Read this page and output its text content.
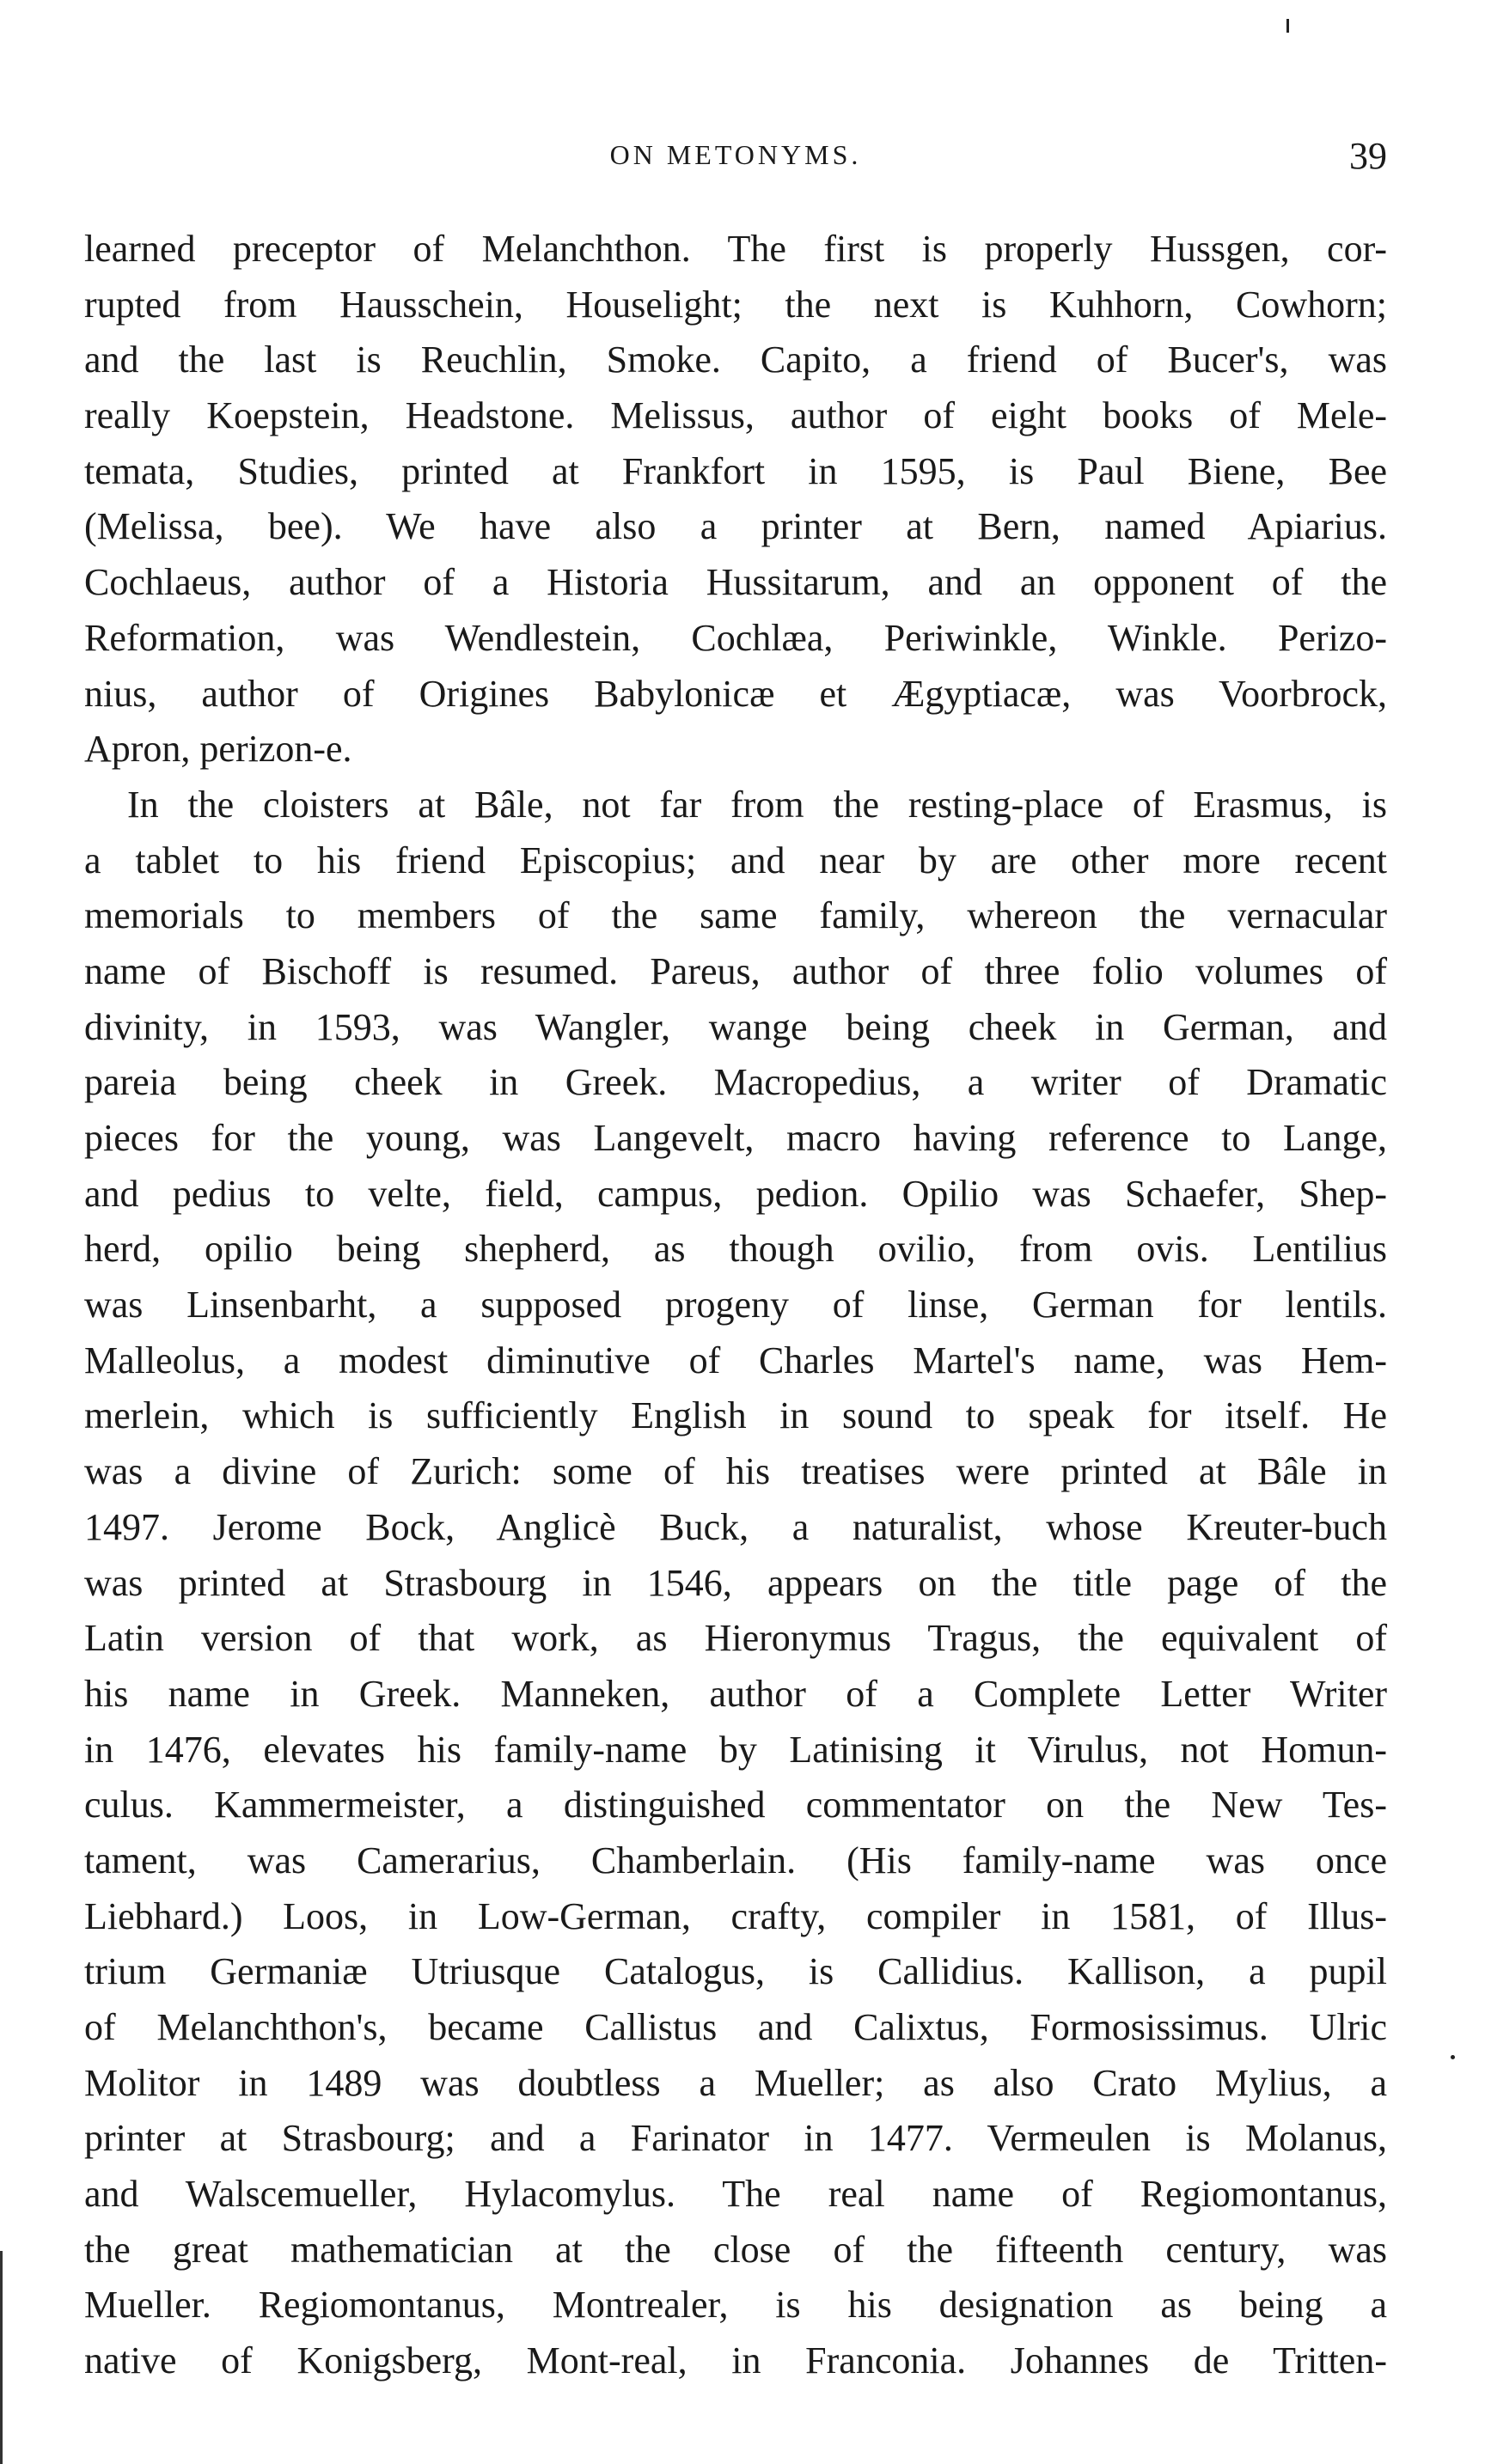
ON METONYMS.	39
learned preceptor of Melanchthon. The first is properly Hussgen, cor-
rupted from Hausschein, Houselight; the next is Kuhhorn, Cowhorn;
and the last is Reuchlin, Smoke. Capito, a friend of Bucer's, was
really Koepstein, Headstone. Melissus, author of eight books of Mele-
temata, Studies, printed at Frankfort in 1595, is Paul Biene, Bee
(Melissa, bee). We have also a printer at Bern, named Apiarius.
Cochlaeus, author of a Historia Hussitarum, and an opponent of the
Reformation, was Wendlestein, Cochlæa, Periwinkle, Winkle. Perizo-
nius, author of Origines Babylonicæ et Ægyptiacæ, was Voorbrock,
Apron, perizon-e.
In the cloisters at Bâle, not far from the resting-place of Erasmus, is
a tablet to his friend Episcopius; and near by are other more recent
memorials to members of the same family, whereon the vernacular
name of Bischoff is resumed. Pareus, author of three folio volumes of
divinity, in 1593, was Wangler, wange being cheek in German, and
pareia being cheek in Greek. Macropedius, a writer of Dramatic
pieces for the young, was Langevelt, macro having reference to Lange,
and pedius to velte, field, campus, pedion. Opilio was Schaefer, Shep-
herd, opilio being shepherd, as though ovilio, from ovis. Lentilius
was Linsenbarht, a supposed progeny of linse, German for lentils.
Malleolus, a modest diminutive of Charles Martel's name, was Hem-
merlein, which is sufficiently English in sound to speak for itself. He
was a divine of Zurich: some of his treatises were printed at Bâle in
1497. Jerome Bock, Anglicè Buck, a naturalist, whose Kreuter-buch
was printed at Strasbourg in 1546, appears on the title page of the
Latin version of that work, as Hieronymus Tragus, the equivalent of
his name in Greek. Manneken, author of a Complete Letter Writer
in 1476, elevates his family-name by Latinising it Virulus, not Homun-
culus. Kammermeister, a distinguished commentator on the New Tes-
tament, was Camerarius, Chamberlain. (His family-name was once
Liebhard.) Loos, in Low-German, crafty, compiler in 1581, of Illus-
trium Germaniæ Utriusque Catalogus, is Callidius. Kallison, a pupil
of Melanchthon's, became Callistus and Calixtus, Formosissimus. Ulric
Molitor in 1489 was doubtless a Mueller; as also Crato Mylius, a
printer at Strasbourg; and a Farinator in 1477. Vermeulen is Molanus,
and Walscemueller, Hylacomylus. The real name of Regiomontanus,
the great mathematician at the close of the fifteenth century, was
Mueller. Regiomontanus, Montrealer, is his designation as being a
native of Konigsberg, Mont-real, in Franconia. Johannes de Tritten-
